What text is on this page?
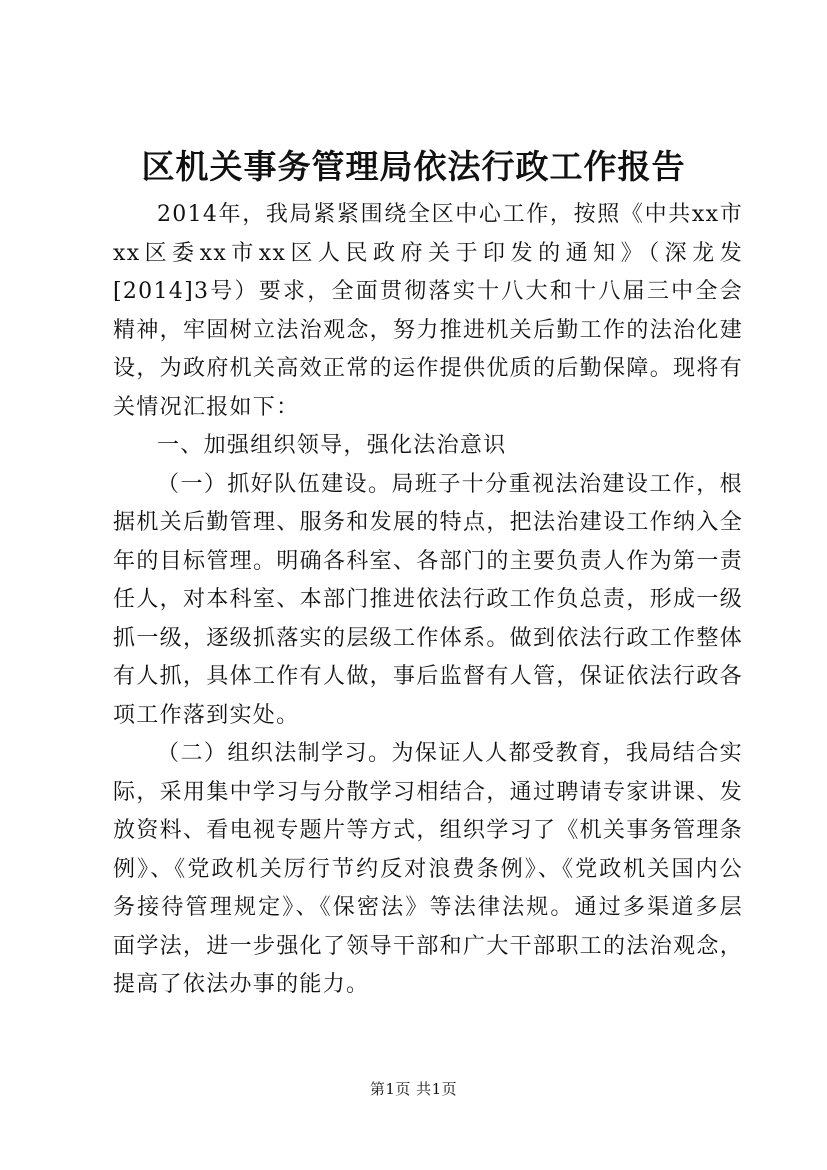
区机关事务管理局依法行政工作报告

2014年，我局紧紧围绕全区中心工作，按照《中共xx市xx区委xx市xx区人民政府关于印发的通知》（深龙发[2014]3号）要求，全面贯彻落实十八大和十八届三中全会精神，牢固树立法治观念，努力推进机关后勤工作的法治化建设，为政府机关高效正常的运作提供优质的后勤保障。现将有关情况汇报如下：

一、加强组织领导，强化法治意识

（一）抓好队伍建设。局班子十分重视法治建设工作，根据机关后勤管理、服务和发展的特点，把法治建设工作纳入全年的目标管理。明确各科室、各部门的主要负责人作为第一责任人，对本科室、本部门推进依法行政工作负总责，形成一级抓一级，逐级抓落实的层级工作体系。做到依法行政工作整体有人抓，具体工作有人做，事后监督有人管，保证依法行政各项工作落到实处。

（二）组织法制学习。为保证人人都受教育，我局结合实际，采用集中学习与分散学习相结合，通过聘请专家讲课、发放资料、看电视专题片等方式，组织学习了《机关事务管理条例》、《党政机关厉行节约反对浪费条例》、《党政机关国内公务接待管理规定》、《保密法》等法律法规。通过多渠道多层面学法，进一步强化了领导干部和广大干部职工的法治观念，提高了依法办事的能力。

第1页 共1页
